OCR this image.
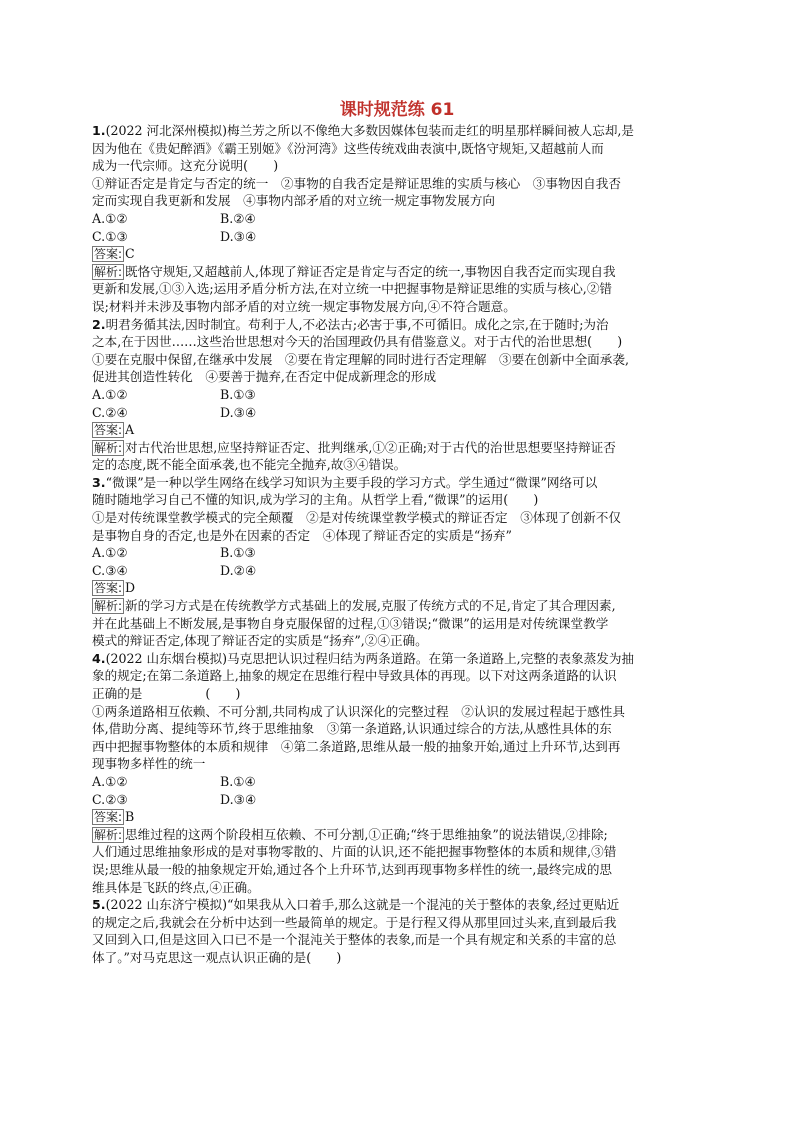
课时规范练 61
1.(2022 河北深州模拟)梅兰芳之所以不像绝大多数因媒体包装而走红的明星那样瞬间被人忘却,是
因为他在《贵妃醉酒》《霸王别姬》《汾河湾》这些传统戏曲表演中,既恪守规矩,又超越前人而
成为一代宗师。这充分说明(　　)
①辩证否定是肯定与否定的统一　②事物的自我否定是辩证思维的实质与核心　③事物因自我否
定而实现自我更新和发展　④事物内部矛盾的对立统一规定事物发展方向
A.①②	B.②④
C.①③	D.③④
答案: C
解析: 既恪守规矩,又超越前人,体现了辩证否定是肯定与否定的统一,事物因自我否定而实现自我
更新和发展,①③入选;运用矛盾分析方法,在对立统一中把握事物是辩证思维的实质与核心,②错
误;材料并未涉及事物内部矛盾的对立统一规定事物发展方向,④不符合题意。
2.明君务循其法,因时制宜。苟利于人,不必法古;必害于事,不可循旧。成化之宗,在于随时;为治
之本,在于因世……这些治世思想对今天的治国理政仍具有借鉴意义。对于古代的治世思想(　　)
①要在克服中保留,在继承中发展　②要在肯定理解的同时进行否定理解　③要在创新中全面承袭,
促进其创造性转化　④要善于抛弃,在否定中促成新理念的形成
A.①②	B.①③
C.②④	D.③④
答案: A
解析: 对古代治世思想,应坚持辩证否定、批判继承,①②正确;对于古代的治世思想要坚持辩证否
定的态度,既不能全面承袭,也不能完全抛弃,故③④错误。
3.“微课”是一种以学生网络在线学习知识为主要手段的学习方式。学生通过“微课”网络可以
随时随地学习自己不懂的知识,成为学习的主角。从哲学上看,“微课”的运用(　　)
①是对传统课堂教学模式的完全颠覆　②是对传统课堂教学模式的辩证否定　③体现了创新不仅
是事物自身的否定,也是外在因素的否定　④体现了辩证否定的实质是“扬弃”
A.①②	B.①③
C.③④	D.②④
答案: D
解析: 新的学习方式是在传统教学方式基础上的发展,克服了传统方式的不足,肯定了其合理因素,
并在此基础上不断发展,是事物自身克服保留的过程,①③错误;“微课”的运用是对传统课堂教学
模式的辩证否定,体现了辩证否定的实质是“扬弃”,②④正确。
4.(2022 山东烟台模拟)马克思把认识过程归结为两条道路。在第一条道路上,完整的表象蒸发为抽
象的规定;在第二条道路上,抽象的规定在思维行程中导致具体的再现。以下对这两条道路的认识
正确的是　　　　　(　　)
①两条道路相互依赖、不可分割,共同构成了认识深化的完整过程　②认识的发展过程起于感性具
体,借助分离、提纯等环节,终于思维抽象　③第一条道路,认识通过综合的方法,从感性具体的东
西中把握事物整体的本质和规律　④第二条道路,思维从最一般的抽象开始,通过上升环节,达到再
现事物多样性的统一
A.①②	B.①④
C.②③	D.③④
答案: B
解析: 思维过程的这两个阶段相互依赖、不可分割,①正确;“终于思维抽象”的说法错误,②排除;
人们通过思维抽象形成的是对事物零散的、片面的认识,还不能把握事物整体的本质和规律,③错
误;思维从最一般的抽象规定开始,通过各个上升环节,达到再现事物多样性的统一,最终完成的思
维具体是飞跃的终点,④正确。
5.(2022 山东济宁模拟)“如果我从入口着手,那么这就是一个混沌的关于整体的表象,经过更贴近
的规定之后,我就会在分析中达到一些最简单的规定。于是行程又得从那里回过头来,直到最后我
又回到入口,但是这回入口已不是一个混沌关于整体的表象,而是一个具有规定和关系的丰富的总
体了。”对马克思这一观点认识正确的是(　　)
